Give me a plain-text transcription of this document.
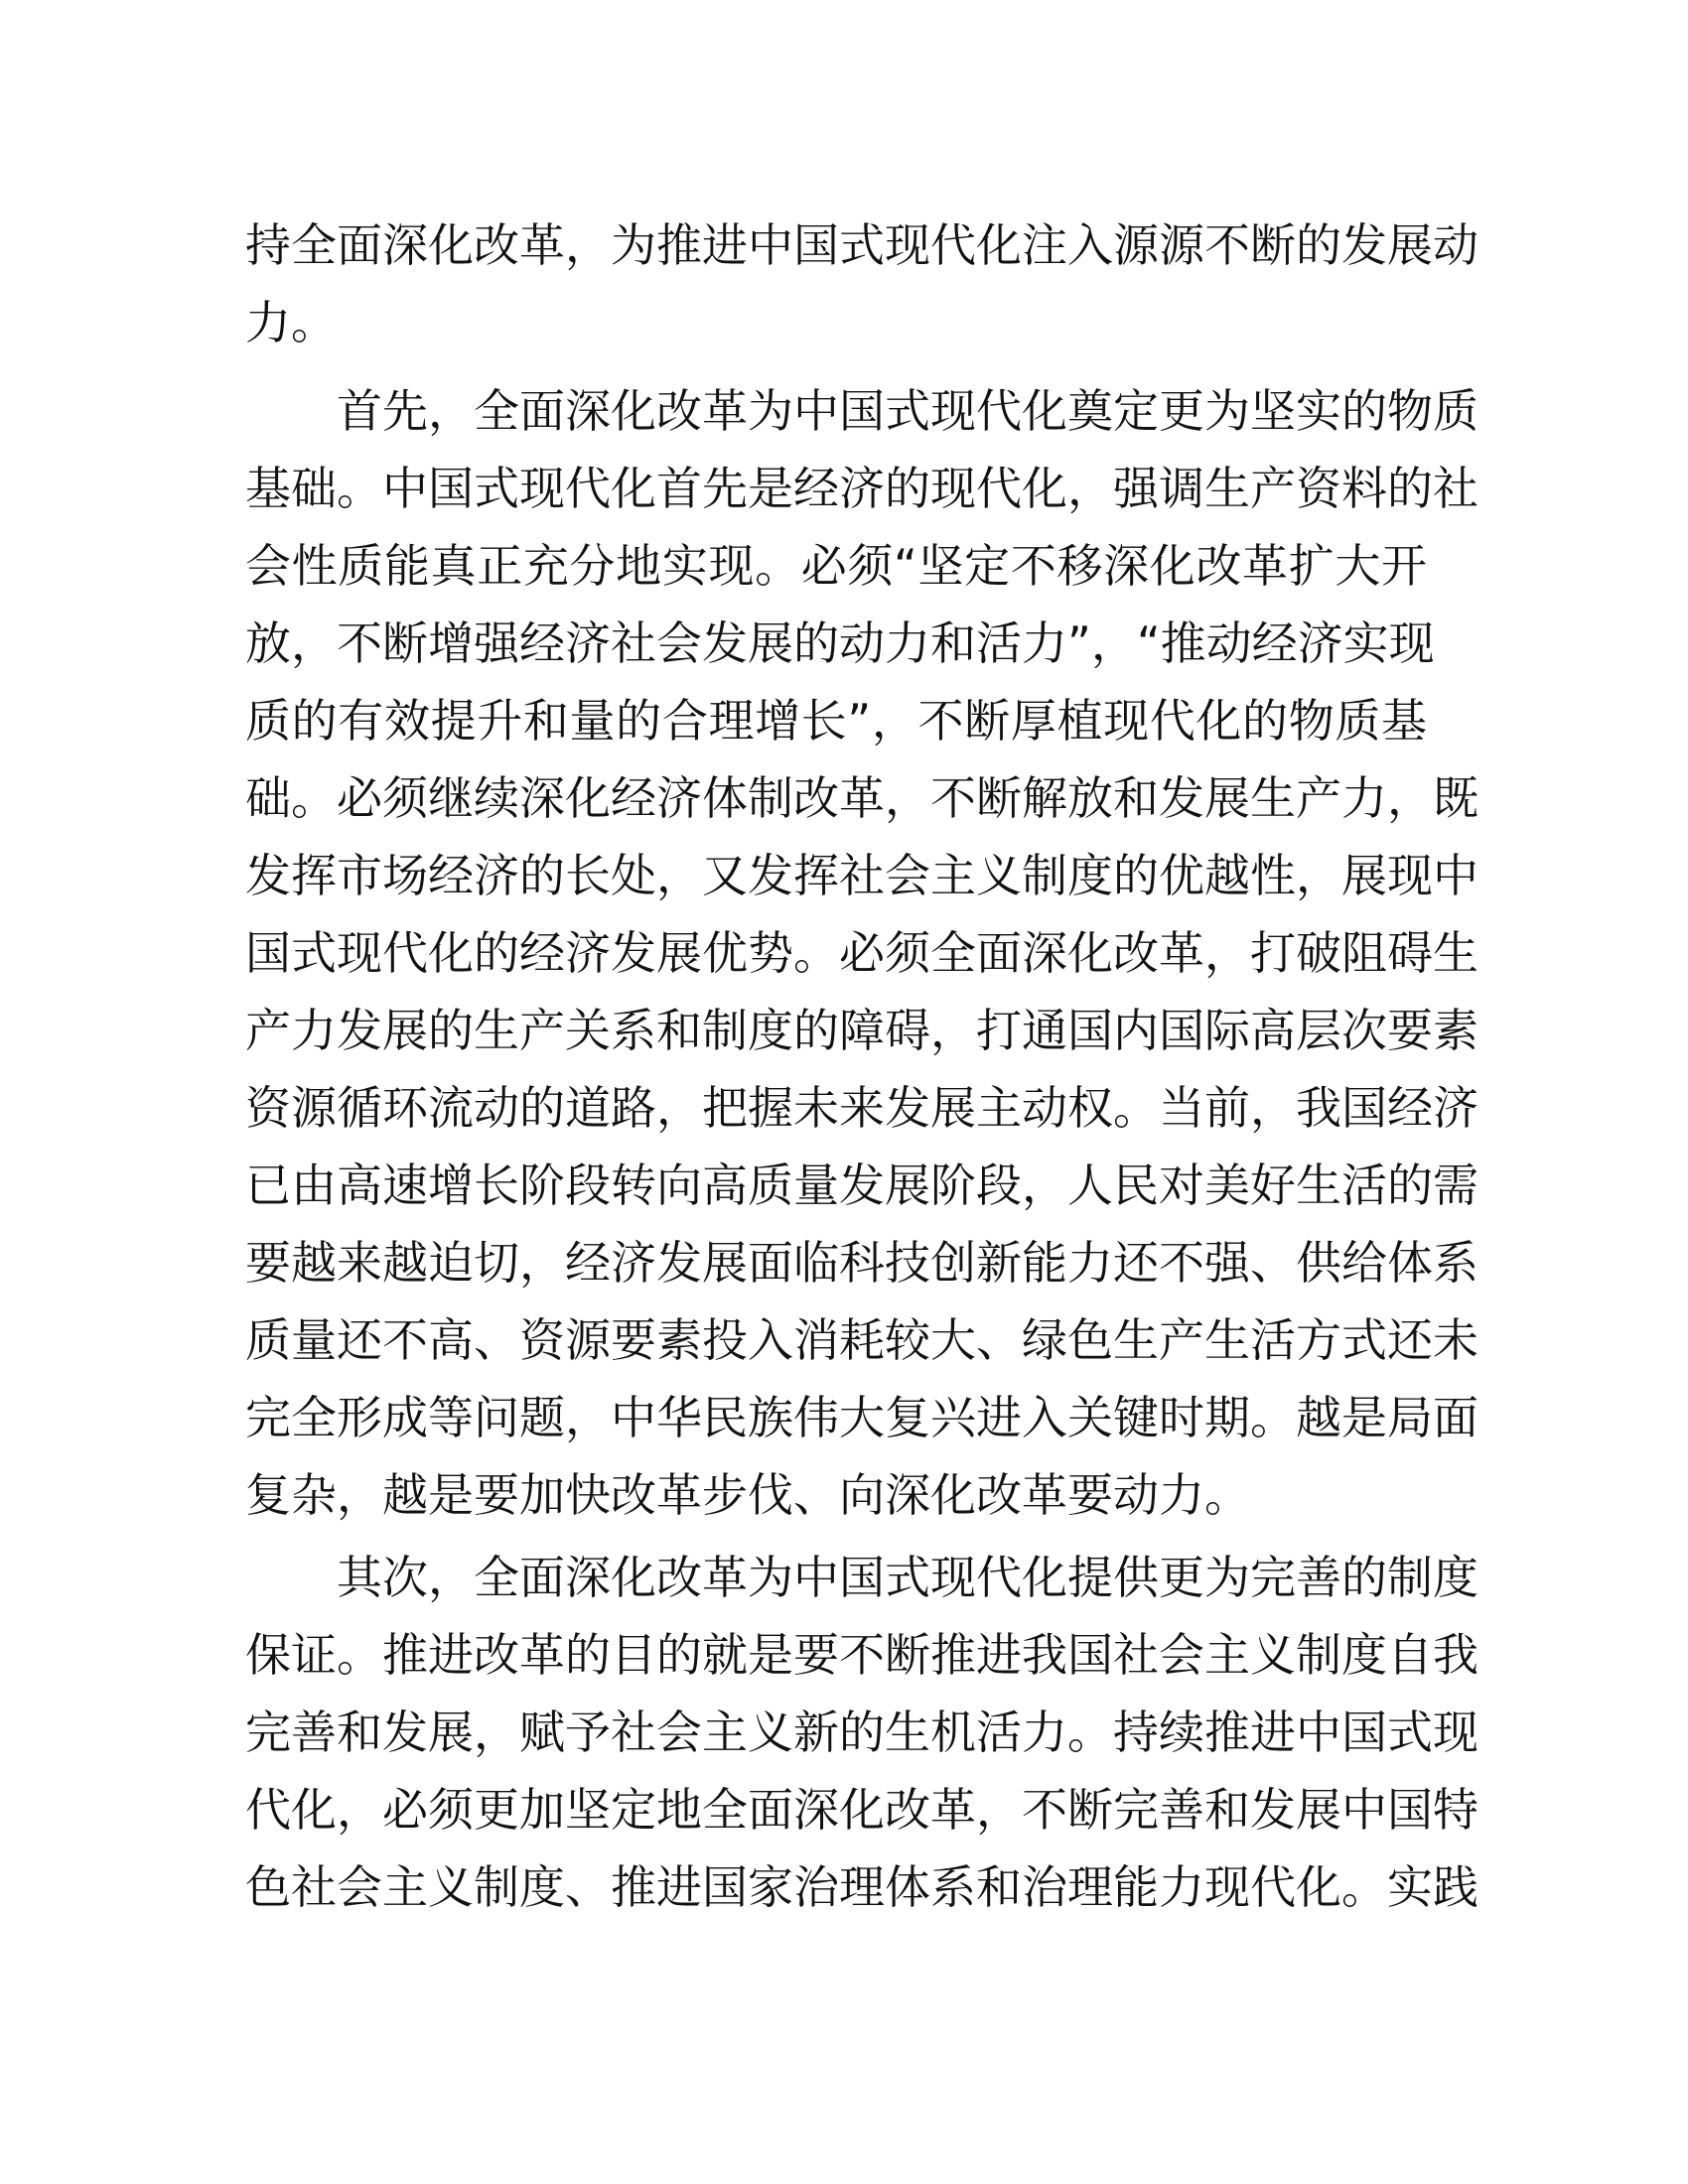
持全面深化改革，为推进中国式现代化注入源源不断的发展动
力。
首先，全面深化改革为中国式现代化奠定更为坚实的物质
基础。中国式现代化首先是经济的现代化，强调生产资料的社
会性质能真正充分地实现。必须“坚定不移深化改革扩大开
放，不断增强经济社会发展的动力和活力”，“推动经济实现
质的有效提升和量的合理增长”，不断厚植现代化的物质基
础。必须继续深化经济体制改革，不断解放和发展生产力，既
发挥市场经济的长处，又发挥社会主义制度的优越性，展现中
国式现代化的经济发展优势。必须全面深化改革，打破阻碍生
产力发展的生产关系和制度的障碍，打通国内国际高层次要素
资源循环流动的道路，把握未来发展主动权。当前，我国经济
已由高速增长阶段转向高质量发展阶段，人民对美好生活的需
要越来越迫切，经济发展面临科技创新能力还不强、供给体系
质量还不高、资源要素投入消耗较大、绿色生产生活方式还未
完全形成等问题，中华民族伟大复兴进入关键时期。越是局面
复杂，越是要加快改革步伐、向深化改革要动力。
其次，全面深化改革为中国式现代化提供更为完善的制度
保证。推进改革的目的就是要不断推进我国社会主义制度自我
完善和发展，赋予社会主义新的生机活力。持续推进中国式现
代化，必须更加坚定地全面深化改革，不断完善和发展中国特
色社会主义制度、推进国家治理体系和治理能力现代化。实践
